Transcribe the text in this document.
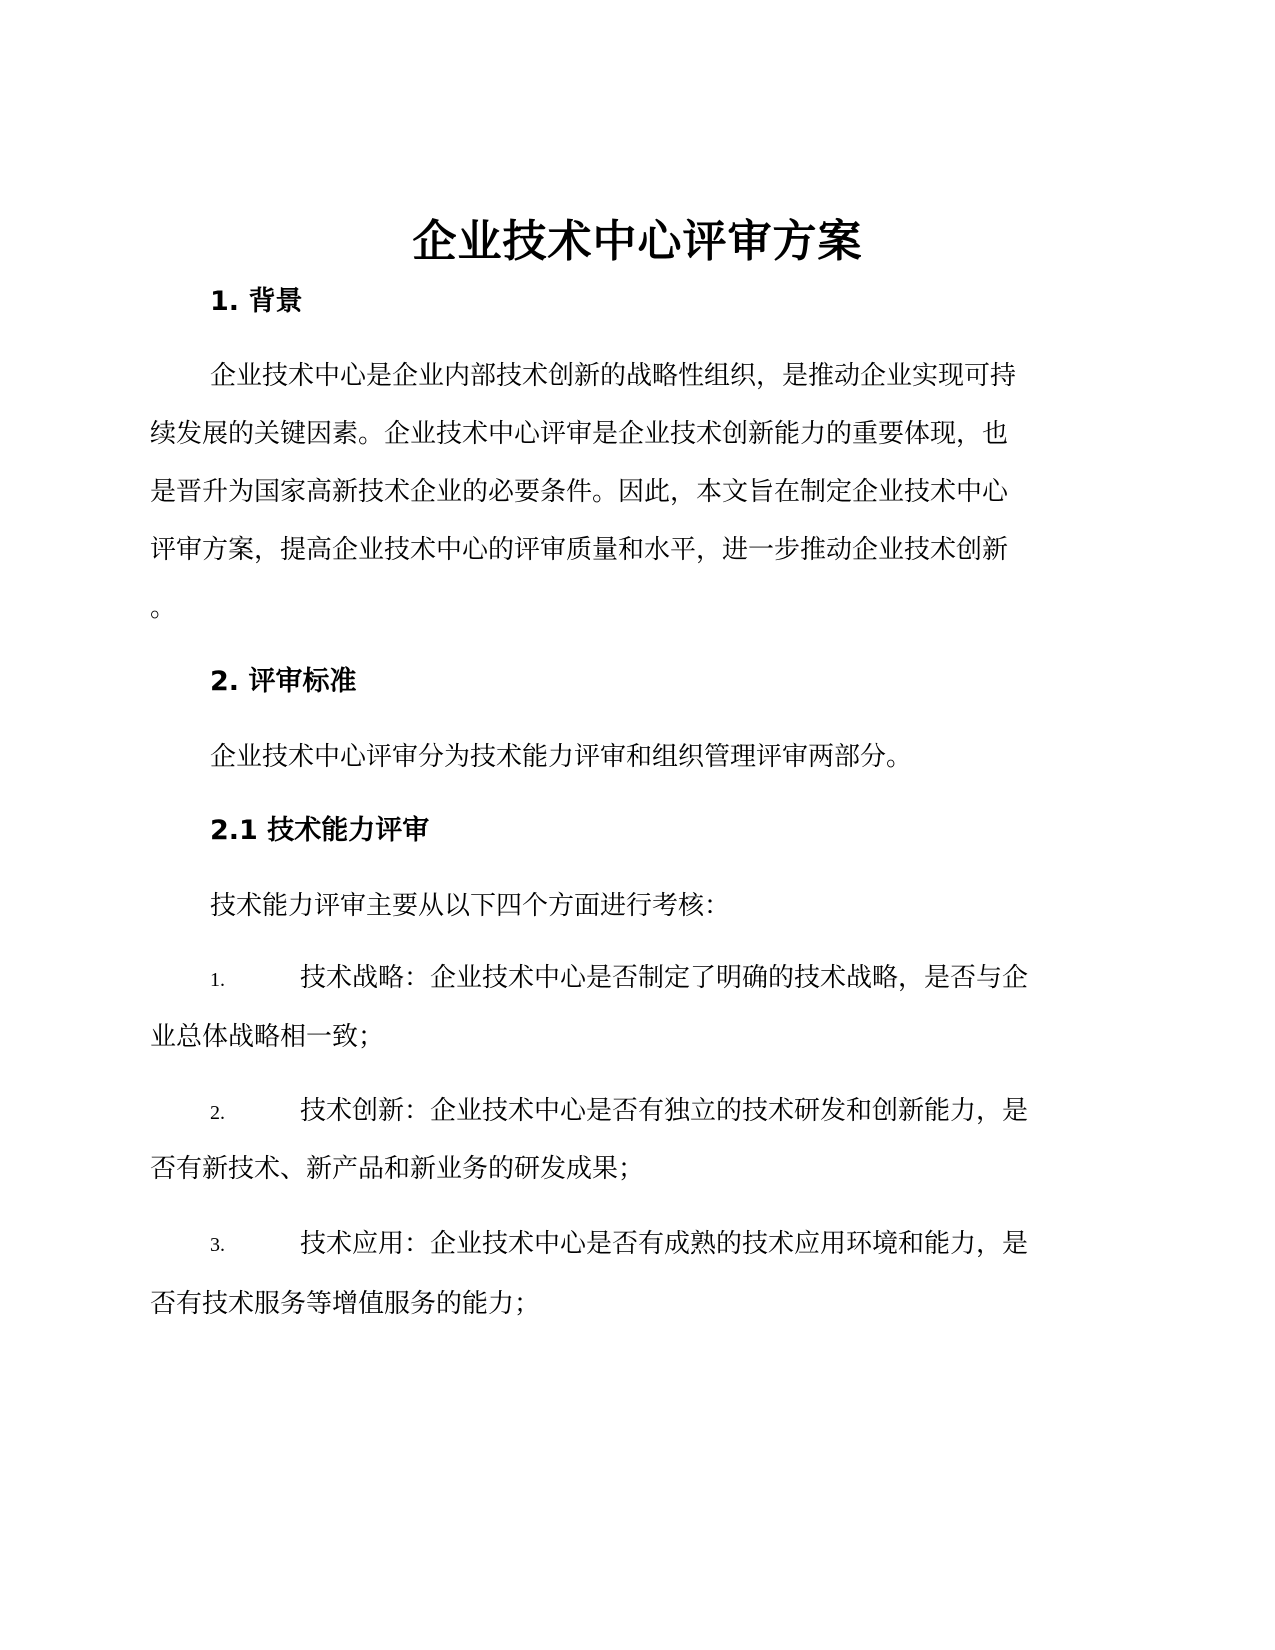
企业技术中心评审方案
1. 背景
企业技术中心是企业内部技术创新的战略性组织，是推动企业实现可持
续发展的关键因素。企业技术中心评审是企业技术创新能力的重要体现，也
是晋升为国家高新技术企业的必要条件。因此，本文旨在制定企业技术中心
评审方案，提高企业技术中心的评审质量和水平，进一步推动企业技术创新
。
2. 评审标准
企业技术中心评审分为技术能力评审和组织管理评审两部分。
2.1 技术能力评审
技术能力评审主要从以下四个方面进行考核：
1.	技术战略：企业技术中心是否制定了明确的技术战略，是否与企
业总体战略相一致；
2.	技术创新：企业技术中心是否有独立的技术研发和创新能力，是
否有新技术、新产品和新业务的研发成果；
3.	技术应用：企业技术中心是否有成熟的技术应用环境和能力，是
否有技术服务等增值服务的能力；
